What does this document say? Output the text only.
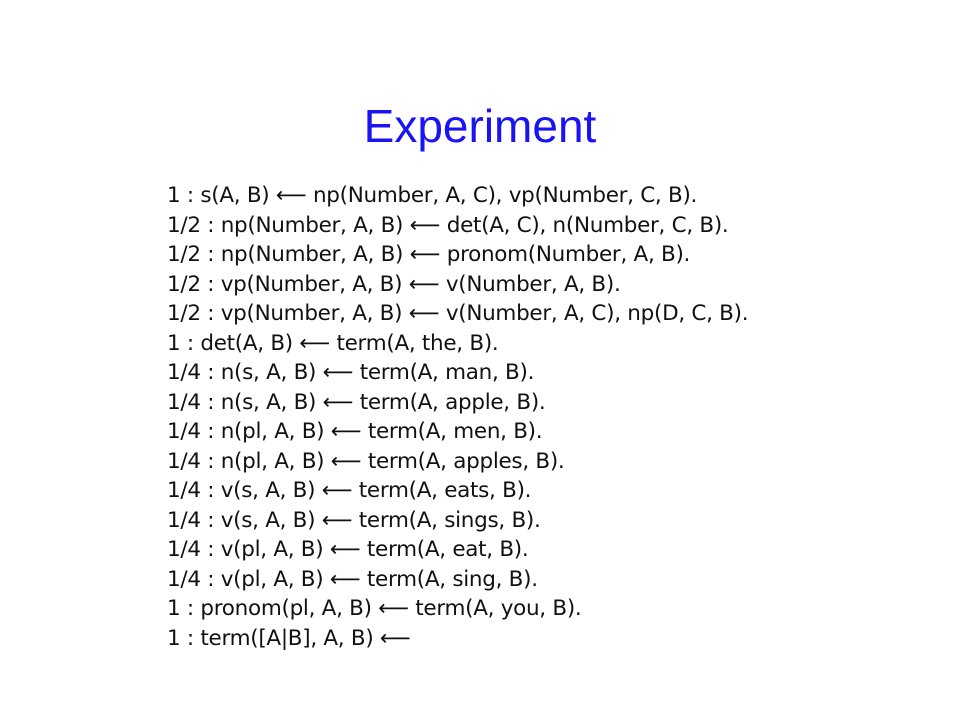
Experiment
1 : s(A, B) ⟵ np(Number, A, C), vp(Number, C, B).
1/2 : np(Number, A, B) ⟵ det(A, C), n(Number, C, B).
1/2 : np(Number, A, B) ⟵ pronom(Number, A, B).
1/2 : vp(Number, A, B) ⟵ v(Number, A, B).
1/2 : vp(Number, A, B) ⟵ v(Number, A, C), np(D, C, B).
1 : det(A, B) ⟵ term(A, the, B).
1/4 : n(s, A, B) ⟵ term(A, man, B).
1/4 : n(s, A, B) ⟵ term(A, apple, B).
1/4 : n(pl, A, B) ⟵ term(A, men, B).
1/4 : n(pl, A, B) ⟵ term(A, apples, B).
1/4 : v(s, A, B) ⟵ term(A, eats, B).
1/4 : v(s, A, B) ⟵ term(A, sings, B).
1/4 : v(pl, A, B) ⟵ term(A, eat, B).
1/4 : v(pl, A, B) ⟵ term(A, sing, B).
1 : pronom(pl, A, B) ⟵ term(A, you, B).
1 : term([A|B], A, B) ⟵
